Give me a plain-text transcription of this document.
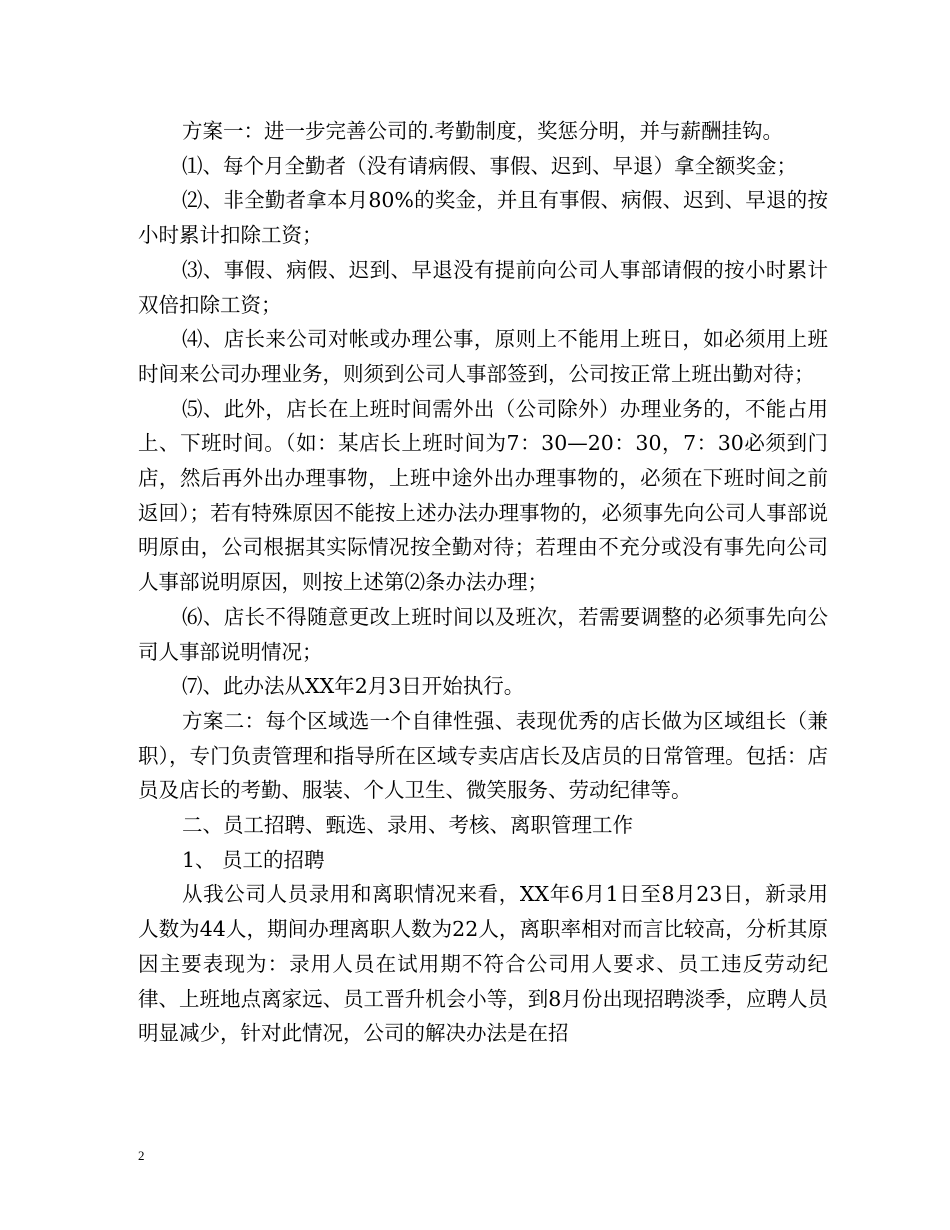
方案一：进一步完善公司的.考勤制度，奖惩分明，并与薪酬挂钩。

⑴、每个月全勤者（没有请病假、事假、迟到、早退）拿全额奖金；

⑵、非全勤者拿本月80%的奖金，并且有事假、病假、迟到、早退的按小时累计扣除工资；

⑶、事假、病假、迟到、早退没有提前向公司人事部请假的按小时累计双倍扣除工资；

⑷、店长来公司对帐或办理公事，原则上不能用上班日，如必须用上班时间来公司办理业务，则须到公司人事部签到，公司按正常上班出勤对待；

⑸、此外，店长在上班时间需外出（公司除外）办理业务的，不能占用上、下班时间。（如：某店长上班时间为7：30—20：30，7：30必须到门店，然后再外出办理事物，上班中途外出办理事物的，必须在下班时间之前返回）；若有特殊原因不能按上述办法办理事物的，必须事先向公司人事部说明原由，公司根据其实际情况按全勤对待；若理由不充分或没有事先向公司人事部说明原因，则按上述第⑵条办法办理；

⑹、店长不得随意更改上班时间以及班次，若需要调整的必须事先向公司人事部说明情况；

⑺、此办法从XX年2月3日开始执行。

方案二：每个区域选一个自律性强、表现优秀的店长做为区域组长（兼职），专门负责管理和指导所在区域专卖店店长及店员的日常管理。包括：店员及店长的考勤、服装、个人卫生、微笑服务、劳动纪律等。

二、员工招聘、甄选、录用、考核、离职管理工作

1、 员工的招聘

从我公司人员录用和离职情况来看，XX年6月1日至8月23日，新录用人数为44人，期间办理离职人数为22人，离职率相对而言比较高，分析其原因主要表现为：录用人员在试用期不符合公司用人要求、员工违反劳动纪律、上班地点离家远、员工晋升机会小等，到8月份出现招聘淡季，应聘人员明显减少，针对此情况，公司的解决办法是在招

2
